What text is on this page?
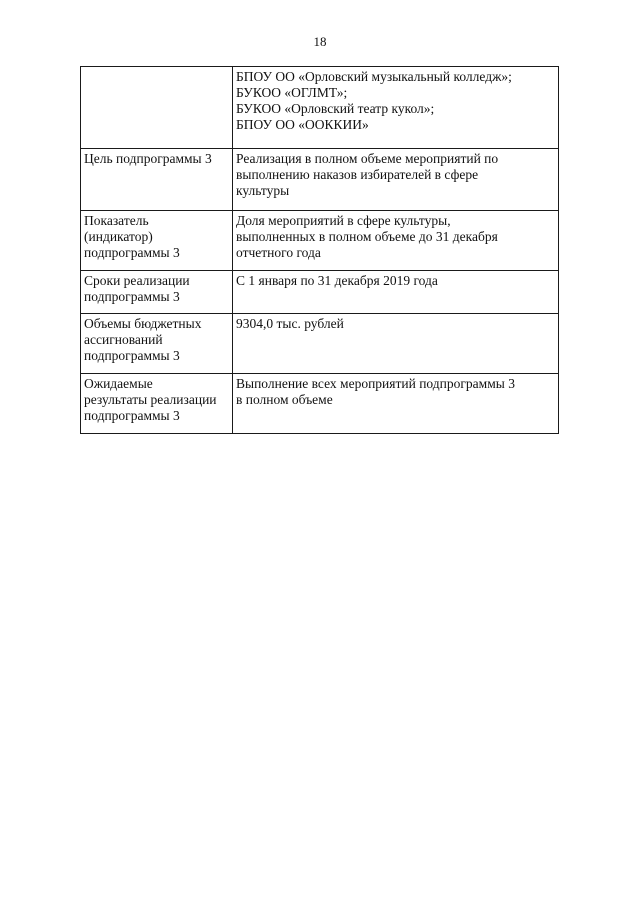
18

	БПОУ ОО «Орловский музыкальный колледж»;
БУКОО «ОГЛМТ»;
БУКОО «Орловский театр кукол»;
БПОУ ОО «ООККИИ»

Цель подпрограммы 3	Реализация в полном объеме мероприятий по
выполнению наказов избирателей в сфере
культуры

Показатель
(индикатор)
подпрограммы 3	Доля мероприятий в сфере культуры,
выполненных в полном объеме до 31 декабря
отчетного года

Сроки реализации
подпрограммы 3	С 1 января по 31 декабря 2019 года

Объемы бюджетных
ассигнований
подпрограммы 3	9304,0 тыс. рублей

Ожидаемые
результаты реализации
подпрограммы 3	Выполнение всех мероприятий подпрограммы 3
в полном объеме
